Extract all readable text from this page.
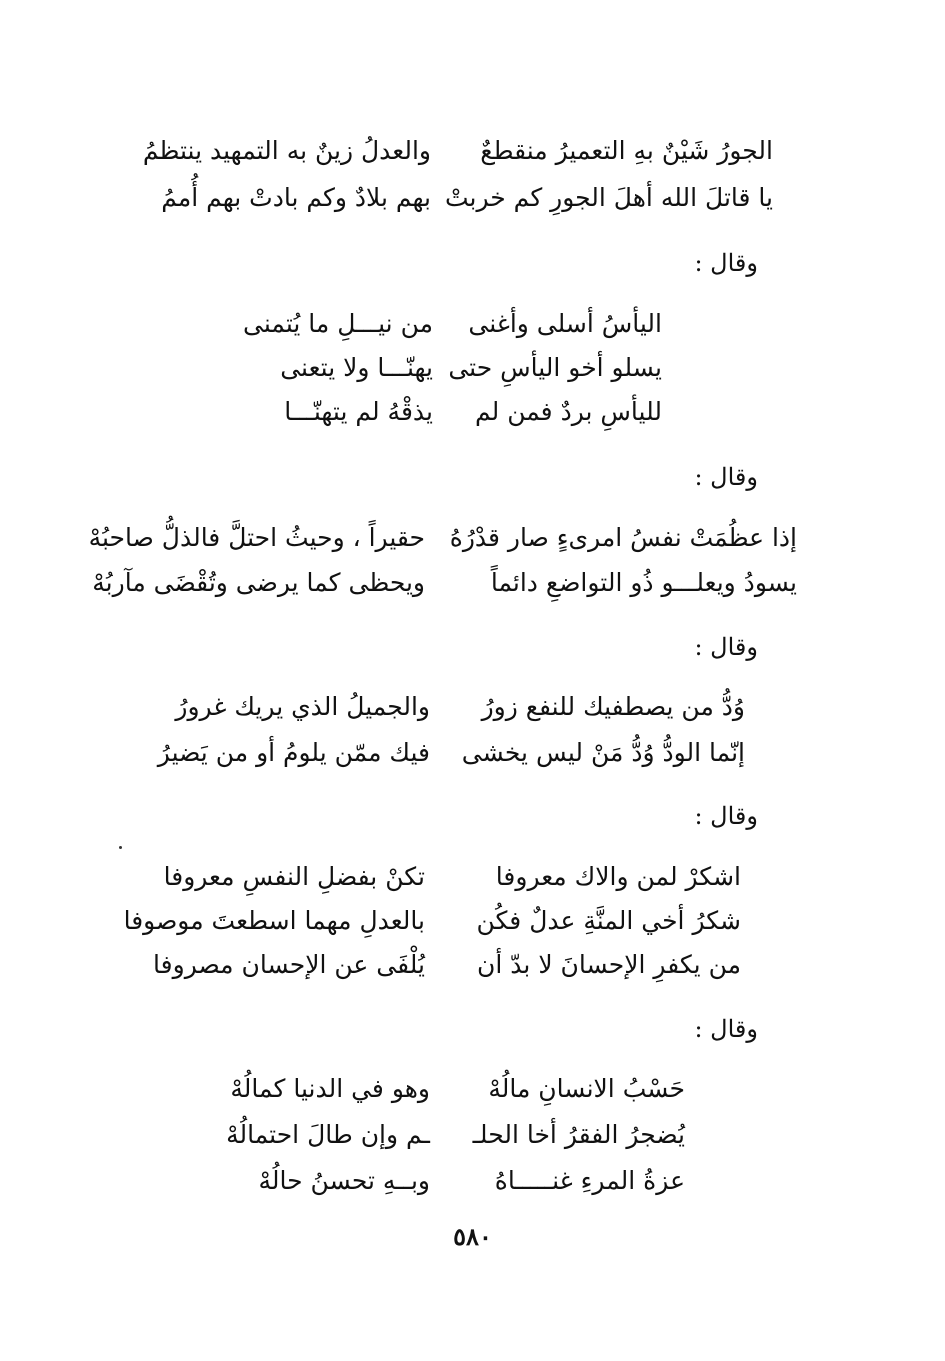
الجورُ شَيْنٌ بهِ التعميرُ منقطعٌ
والعدلُ زينٌ به التمهيد ينتظمُ
يا قاتلَ الله أهلَ الجورِ كم خربتْ
بهم بلادٌ وكم بادتْ بهم أُممُ
وقال :
اليأسُ أسلى وأغنى
من نيـــلِ ما يُتمنى
يسلو أخو اليأسِ حتى
يهنّـــا ولا يتعنى
لليأسِ بردٌ فمن لم
يذقْهُ لم يتهنّـــا
وقال :
إذا عظُمَتْ نفسُ امرىءٍ صار قدْرُهُ
حقيراً ، وحيثُ احتلَّ فالذلُّ صاحبُهْ
يسودُ ويعلـــو ذُو التواضعِ دائماً
ويحظى كما يرضى وتُقْضَى مآربُهْ
وقال :
وُدُّ من يصطفيك للنفع زورُ
والجميلُ الذي يريك غرورُ
إنّما الودُّ وُدُّ مَنْ ليس يخشى
فيك ممّن يلومُ أو من يَضيرُ
وقال :
اشكرْ لمن والاك معروفا
تكنْ بفضلِ النفسِ معروفا
شكرُ أخي المنَّةِ عدلٌ فكُن
بالعدلِ مهما اسطعتَ موصوفا
من يكفرِ الإحسانَ لا بدّ أن
يُلْفَى عن الإحسان مصروفا
وقال :
حَسْبُ الانسانِ مالُهْ
وهو في الدنيا كمالُهْ
يُضجرُ الفقرُ أخا الحلـ
ـم وإن طالَ احتمالُهْ
عزةُ المرءِ غنـــــاهُ
وبــهِ تحسنُ حالُهْ
٥٨٠
